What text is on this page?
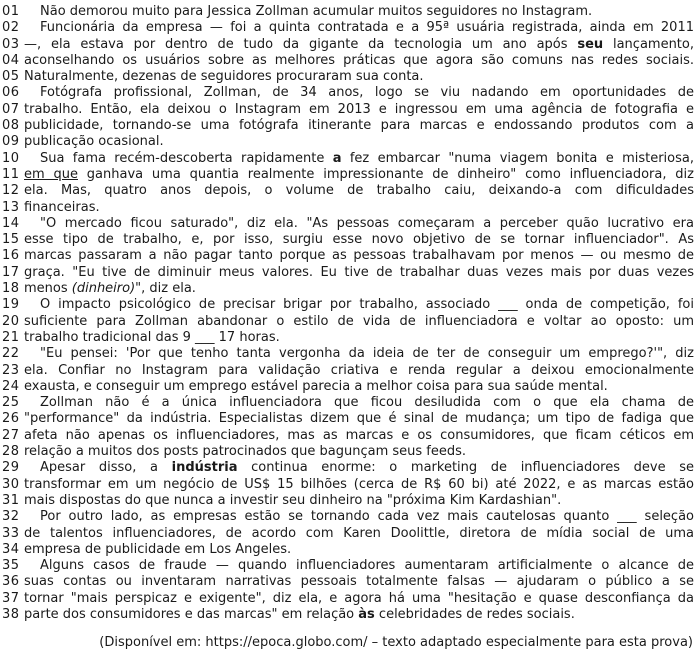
01	Não demorou muito para Jessica Zollman acumular muitos seguidores no Instagram.
02	Funcionária da empresa — foi a quinta contratada e a 95ª usuária registrada, ainda em 2011
03 —, ela estava por dentro de tudo da gigante da tecnologia um ano após seu lançamento,
04 aconselhando os usuários sobre as melhores práticas que agora são comuns nas redes sociais.
05 Naturalmente, dezenas de seguidores procuraram sua conta.
06	Fotógrafa profissional, Zollman, de 34 anos, logo se viu nadando em oportunidades de
07 trabalho. Então, ela deixou o Instagram em 2013 e ingressou em uma agência de fotografia e
08 publicidade, tornando-se uma fotógrafa itinerante para marcas e endossando produtos com a
09 publicação ocasional.
10	Sua fama recém-descoberta rapidamente a fez embarcar "numa viagem bonita e misteriosa,
11 em que ganhava uma quantia realmente impressionante de dinheiro" como influenciadora, diz
12 ela. Mas, quatro anos depois, o volume de trabalho caiu, deixando-a com dificuldades
13 financeiras.
14	"O mercado ficou saturado", diz ela. "As pessoas começaram a perceber quão lucrativo era
15 esse tipo de trabalho, e, por isso, surgiu esse novo objetivo de se tornar influenciador". As
16 marcas passaram a não pagar tanto porque as pessoas trabalhavam por menos — ou mesmo de
17 graça. "Eu tive de diminuir meus valores. Eu tive de trabalhar duas vezes mais por duas vezes
18 menos (dinheiro)", diz ela.
19	O impacto psicológico de precisar brigar por trabalho, associado ___ onda de competição, foi
20 suficiente para Zollman abandonar o estilo de vida de influenciadora e voltar ao oposto: um
21 trabalho tradicional das 9 ___ 17 horas.
22	"Eu pensei: 'Por que tenho tanta vergonha da ideia de ter de conseguir um emprego?'", diz
23 ela. Confiar no Instagram para validação criativa e renda regular a deixou emocionalmente
24 exausta, e conseguir um emprego estável parecia a melhor coisa para sua saúde mental.
25	Zollman não é a única influenciadora que ficou desiludida com o que ela chama de
26 "performance" da indústria. Especialistas dizem que é sinal de mudança; um tipo de fadiga que
27 afeta não apenas os influenciadores, mas as marcas e os consumidores, que ficam céticos em
28 relação a muitos dos posts patrocinados que bagunçam seus feeds.
29	Apesar disso, a indústria continua enorme: o marketing de influenciadores deve se
30 transformar em um negócio de US$ 15 bilhões (cerca de R$ 60 bi) até 2022, e as marcas estão
31 mais dispostas do que nunca a investir seu dinheiro na "próxima Kim Kardashian".
32	Por outro lado, as empresas estão se tornando cada vez mais cautelosas quanto ___ seleção
33 de talentos influenciadores, de acordo com Karen Doolittle, diretora de mídia social de uma
34 empresa de publicidade em Los Angeles.
35	Alguns casos de fraude — quando influenciadores aumentaram artificialmente o alcance de
36 suas contas ou inventaram narrativas pessoais totalmente falsas — ajudaram o público a se
37 tornar "mais perspicaz e exigente", diz ela, e agora há uma "hesitação e quase desconfiança da
38 parte dos consumidores e das marcas" em relação às celebridades de redes sociais.
(Disponível em: https://epoca.globo.com/ – texto adaptado especialmente para esta prova)
